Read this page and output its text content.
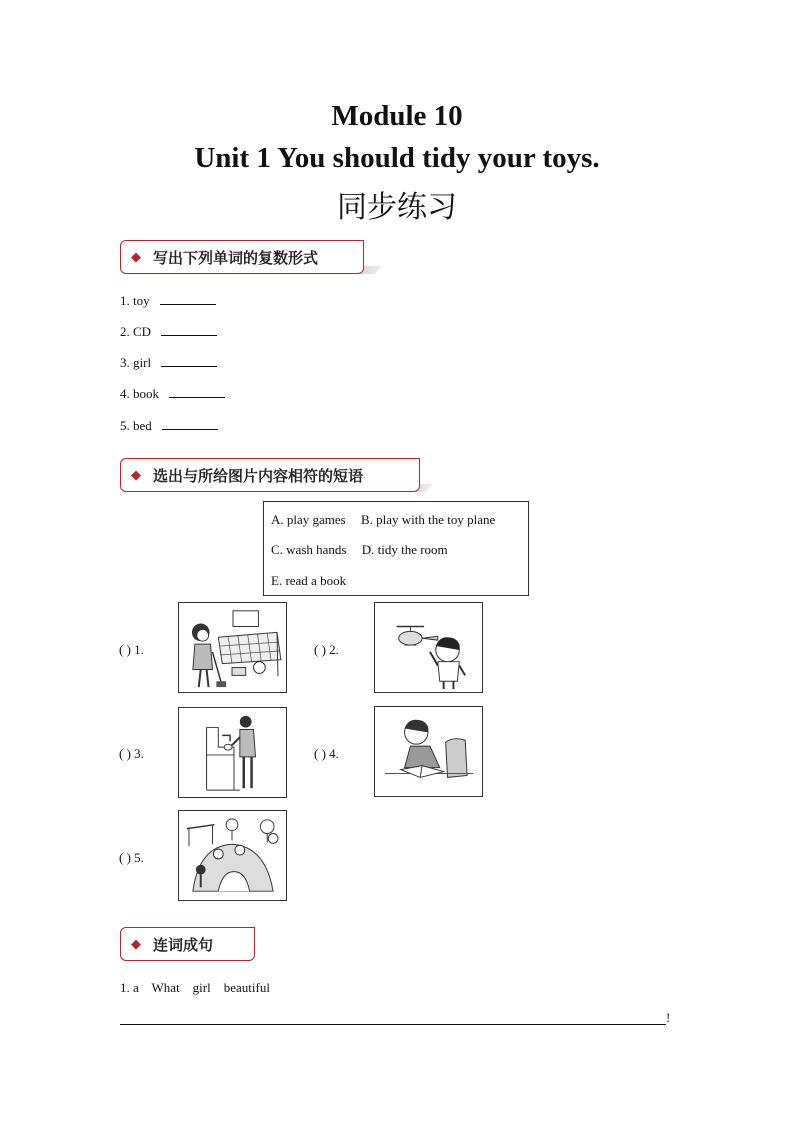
Module 10
Unit 1 You should tidy your toys.
同步练习
◆ 写出下列单词的复数形式
1. toy
2. CD
3. girl
4. book
5. bed
◆ 选出与所给图片内容相符的短语
A. play games B. play with the toy plane
C. wash hands D. tidy the room
E. read a book
( ) 1.	( ) 2.
( ) 3.	( ) 4.
( ) 5.
◆ 连词成句
1. a    What    girl    beautiful
!
